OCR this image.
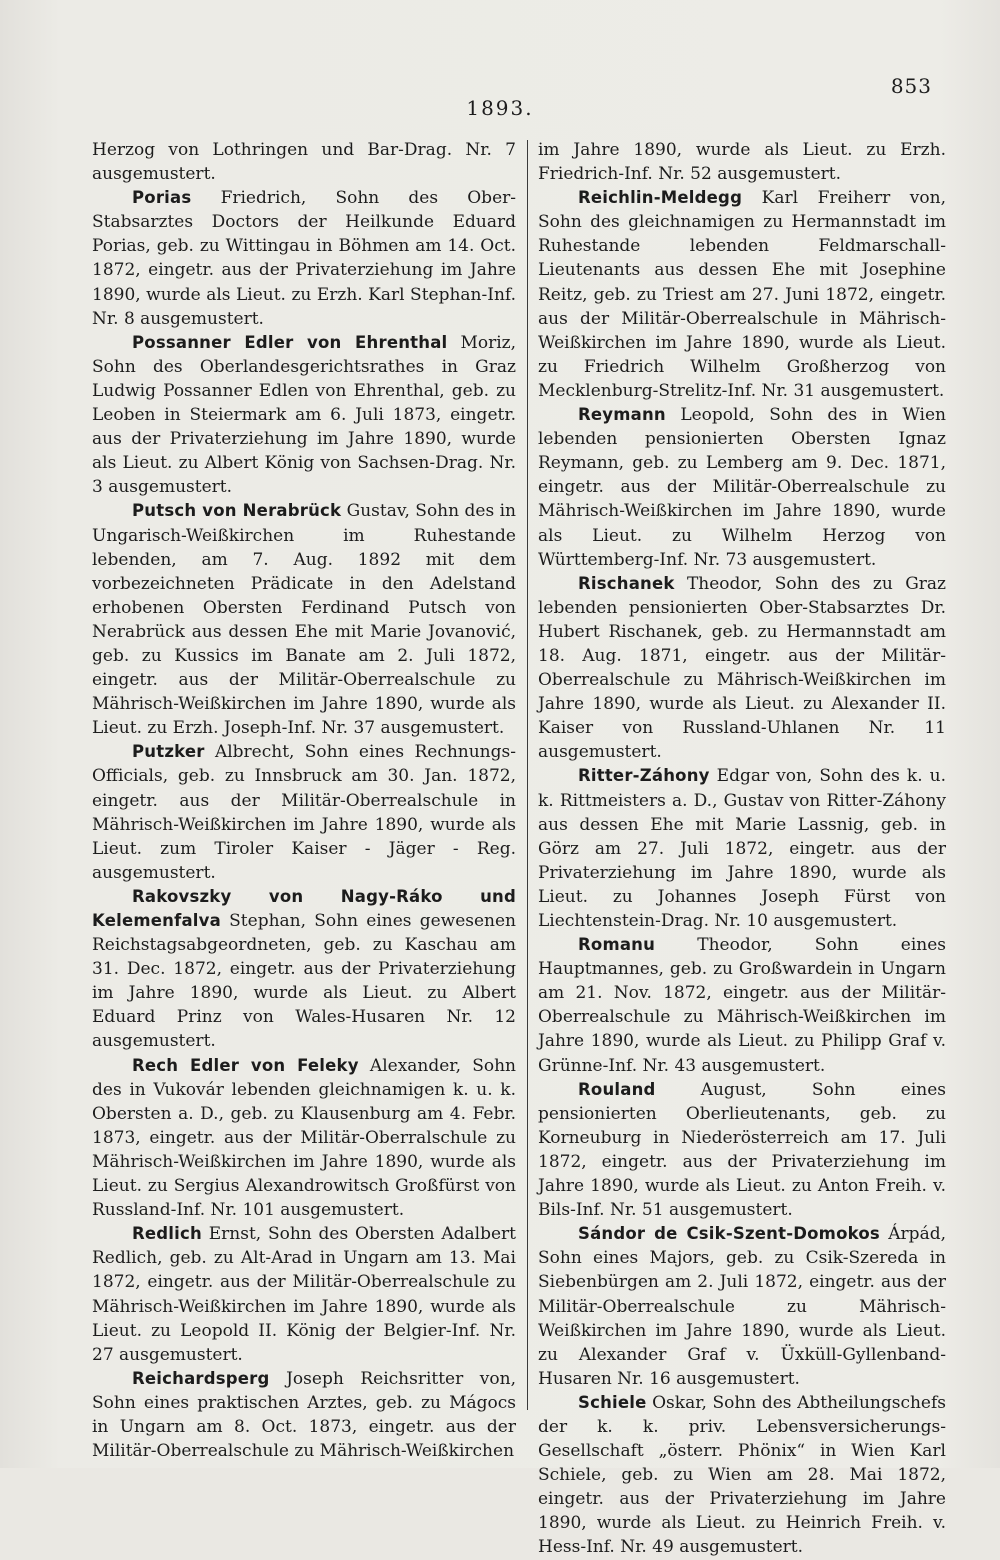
853
1893.

Herzog von Lothringen und Bar-Drag. Nr. 7 ausgemustert.

Porias Friedrich, Sohn des Ober-Stabsarztes Doctors der Heilkunde Eduard Porias, geb. zu Wittingau in Böhmen am 14. Oct. 1872, eingetr. aus der Privaterziehung im Jahre 1890, wurde als Lieut. zu Erzh. Karl Stephan-Inf. Nr. 8 ausgemustert.

Possanner Edler von Ehrenthal Moriz, Sohn des Oberlandesgerichtsrathes in Graz Ludwig Possanner Edlen von Ehrenthal, geb. zu Leoben in Steiermark am 6. Juli 1873, eingetr. aus der Privaterziehung im Jahre 1890, wurde als Lieut. zu Albert König von Sachsen-Drag. Nr. 3 ausgemustert.

Putsch von Nerabrück Gustav, Sohn des in Ungarisch-Weißkirchen im Ruhestande lebenden, am 7. Aug. 1892 mit dem vorbezeichneten Prädicate in den Adelstand erhobenen Obersten Ferdinand Putsch von Nerabrück aus dessen Ehe mit Marie Jovanović, geb. zu Kussics im Banate am 2. Juli 1872, eingetr. aus der Militär-Oberrealschule zu Mährisch-Weißkirchen im Jahre 1890, wurde als Lieut. zu Erzh. Joseph-Inf. Nr. 37 ausgemustert.

Putzker Albrecht, Sohn eines Rechnungs-Officials, geb. zu Innsbruck am 30. Jan. 1872, eingetr. aus der Militär-Oberrealschule in Mährisch-Weißkirchen im Jahre 1890, wurde als Lieut. zum Tiroler Kaiser - Jäger - Reg. ausgemustert.

Rakovszky von Nagy-Ráko und Kelemenfalva Stephan, Sohn eines gewesenen Reichstagsabgeordneten, geb. zu Kaschau am 31. Dec. 1872, eingetr. aus der Privaterziehung im Jahre 1890, wurde als Lieut. zu Albert Eduard Prinz von Wales-Husaren Nr. 12 ausgemustert.

Rech Edler von Feleky Alexander, Sohn des in Vukovár lebenden gleichnamigen k. u. k. Obersten a. D., geb. zu Klausenburg am 4. Febr. 1873, eingetr. aus der Militär-Oberralschule zu Mährisch-Weißkirchen im Jahre 1890, wurde als Lieut. zu Sergius Alexandrowitsch Großfürst von Russland-Inf. Nr. 101 ausgemustert.

Redlich Ernst, Sohn des Obersten Adalbert Redlich, geb. zu Alt-Arad in Ungarn am 13. Mai 1872, eingetr. aus der Militär-Oberrealschule zu Mährisch-Weißkirchen im Jahre 1890, wurde als Lieut. zu Leopold II. König der Belgier-Inf. Nr. 27 ausgemustert.

Reichardsperg Joseph Reichsritter von, Sohn eines praktischen Arztes, geb. zu Mágocs in Ungarn am 8. Oct. 1873, eingetr. aus der Militär-Oberrealschule zu Mährisch-Weißkirchen

im Jahre 1890, wurde als Lieut. zu Erzh. Friedrich-Inf. Nr. 52 ausgemustert.

Reichlin-Meldegg Karl Freiherr von, Sohn des gleichnamigen zu Hermannstadt im Ruhestande lebenden Feldmarschall-Lieutenants aus dessen Ehe mit Josephine Reitz, geb. zu Triest am 27. Juni 1872, eingetr. aus der Militär-Oberrealschule in Mährisch-Weißkirchen im Jahre 1890, wurde als Lieut. zu Friedrich Wilhelm Großherzog von Mecklenburg-Strelitz-Inf. Nr. 31 ausgemustert.

Reymann Leopold, Sohn des in Wien lebenden pensionierten Obersten Ignaz Reymann, geb. zu Lemberg am 9. Dec. 1871, eingetr. aus der Militär-Oberrealschule zu Mährisch-Weißkirchen im Jahre 1890, wurde als Lieut. zu Wilhelm Herzog von Württemberg-Inf. Nr. 73 ausgemustert.

Rischanek Theodor, Sohn des zu Graz lebenden pensionierten Ober-Stabsarztes Dr. Hubert Rischanek, geb. zu Hermannstadt am 18. Aug. 1871, eingetr. aus der Militär-Oberrealschule zu Mährisch-Weißkirchen im Jahre 1890, wurde als Lieut. zu Alexander II. Kaiser von Russland-Uhlanen Nr. 11 ausgemustert.

Ritter-Záhony Edgar von, Sohn des k. u. k. Rittmeisters a. D., Gustav von Ritter-Záhony aus dessen Ehe mit Marie Lassnig, geb. in Görz am 27. Juli 1872, eingetr. aus der Privaterziehung im Jahre 1890, wurde als Lieut. zu Johannes Joseph Fürst von Liechtenstein-Drag. Nr. 10 ausgemustert.

Romanu Theodor, Sohn eines Hauptmannes, geb. zu Großwardein in Ungarn am 21. Nov. 1872, eingetr. aus der Militär-Oberrealschule zu Mährisch-Weißkirchen im Jahre 1890, wurde als Lieut. zu Philipp Graf v. Grünne-Inf. Nr. 43 ausgemustert.

Rouland	August, Sohn eines pensionierten Oberlieutenants, geb. zu Korneuburg in Niederösterreich am 17. Juli 1872, eingetr. aus der Privaterziehung im Jahre 1890, wurde als Lieut. zu Anton Freih. v. Bils-Inf. Nr. 51 ausgemustert.

Sándor de Csik-Szent-Domokos Árpád, Sohn eines Majors, geb. zu Csik-Szereda in Siebenbürgen am 2. Juli 1872, eingetr. aus der Militär-Oberrealschule zu Mährisch-Weißkirchen im Jahre 1890, wurde als Lieut. zu Alexander Graf v. Üxküll-Gyllenband-Husaren Nr. 16 ausgemustert.

Schiele Oskar, Sohn des Abtheilungschefs der k. k. priv. Lebensversicherungs-Gesellschaft „österr. Phönix“ in Wien Karl Schiele, geb. zu Wien am 28. Mai 1872, eingetr. aus der Privaterziehung im Jahre 1890, wurde als Lieut. zu Heinrich Freih. v. Hess-Inf. Nr. 49 ausgemustert.
